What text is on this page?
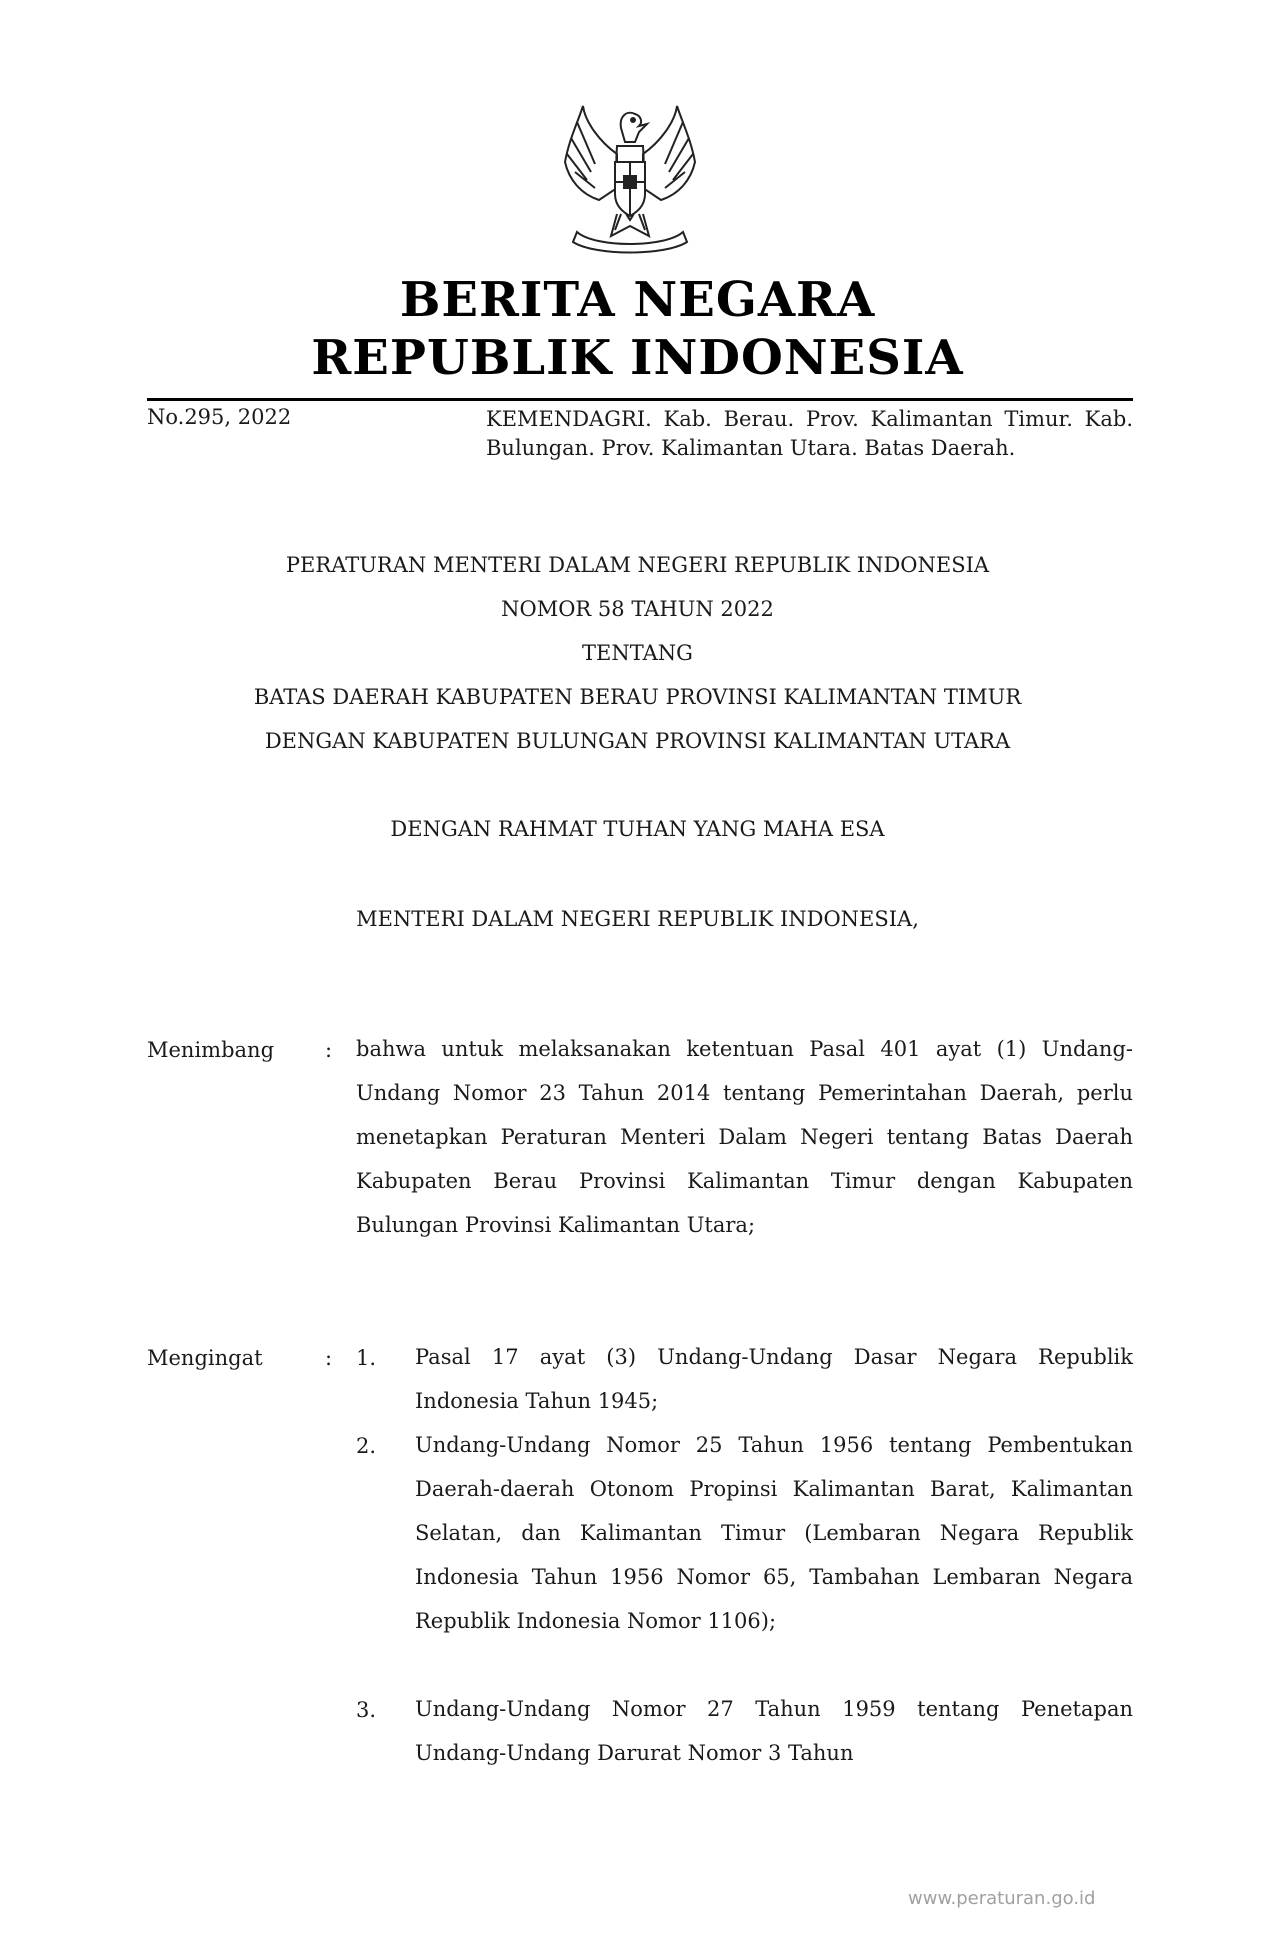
BERITA NEGARA
REPUBLIK INDONESIA
No.295, 2022	KEMENDAGRI. Kab. Berau. Prov. Kalimantan Timur. Kab. Bulungan. Prov. Kalimantan Utara. Batas Daerah.
PERATURAN MENTERI DALAM NEGERI REPUBLIK INDONESIA
NOMOR 58 TAHUN 2022
TENTANG
BATAS DAERAH KABUPATEN BERAU PROVINSI KALIMANTAN TIMUR
DENGAN KABUPATEN BULUNGAN PROVINSI KALIMANTAN UTARA
DENGAN RAHMAT TUHAN YANG MAHA ESA
MENTERI DALAM NEGERI REPUBLIK INDONESIA,
Menimbang : bahwa untuk melaksanakan ketentuan Pasal 401 ayat (1) Undang-Undang Nomor 23 Tahun 2014 tentang Pemerintahan Daerah, perlu menetapkan Peraturan Menteri Dalam Negeri tentang Batas Daerah Kabupaten Berau Provinsi Kalimantan Timur dengan Kabupaten Bulungan Provinsi Kalimantan Utara;
Mengingat	: 1. Pasal 17 ayat (3) Undang-Undang Dasar Negara Republik Indonesia Tahun 1945;
2. Undang-Undang Nomor 25 Tahun 1956 tentang Pembentukan Daerah-daerah Otonom Propinsi Kalimantan Barat, Kalimantan Selatan, dan Kalimantan Timur (Lembaran Negara Republik Indonesia Tahun 1956 Nomor 65, Tambahan Lembaran Negara Republik Indonesia Nomor 1106);
3. Undang-Undang Nomor 27 Tahun 1959 tentang Penetapan Undang-Undang Darurat Nomor 3 Tahun
www.peraturan.go.id
